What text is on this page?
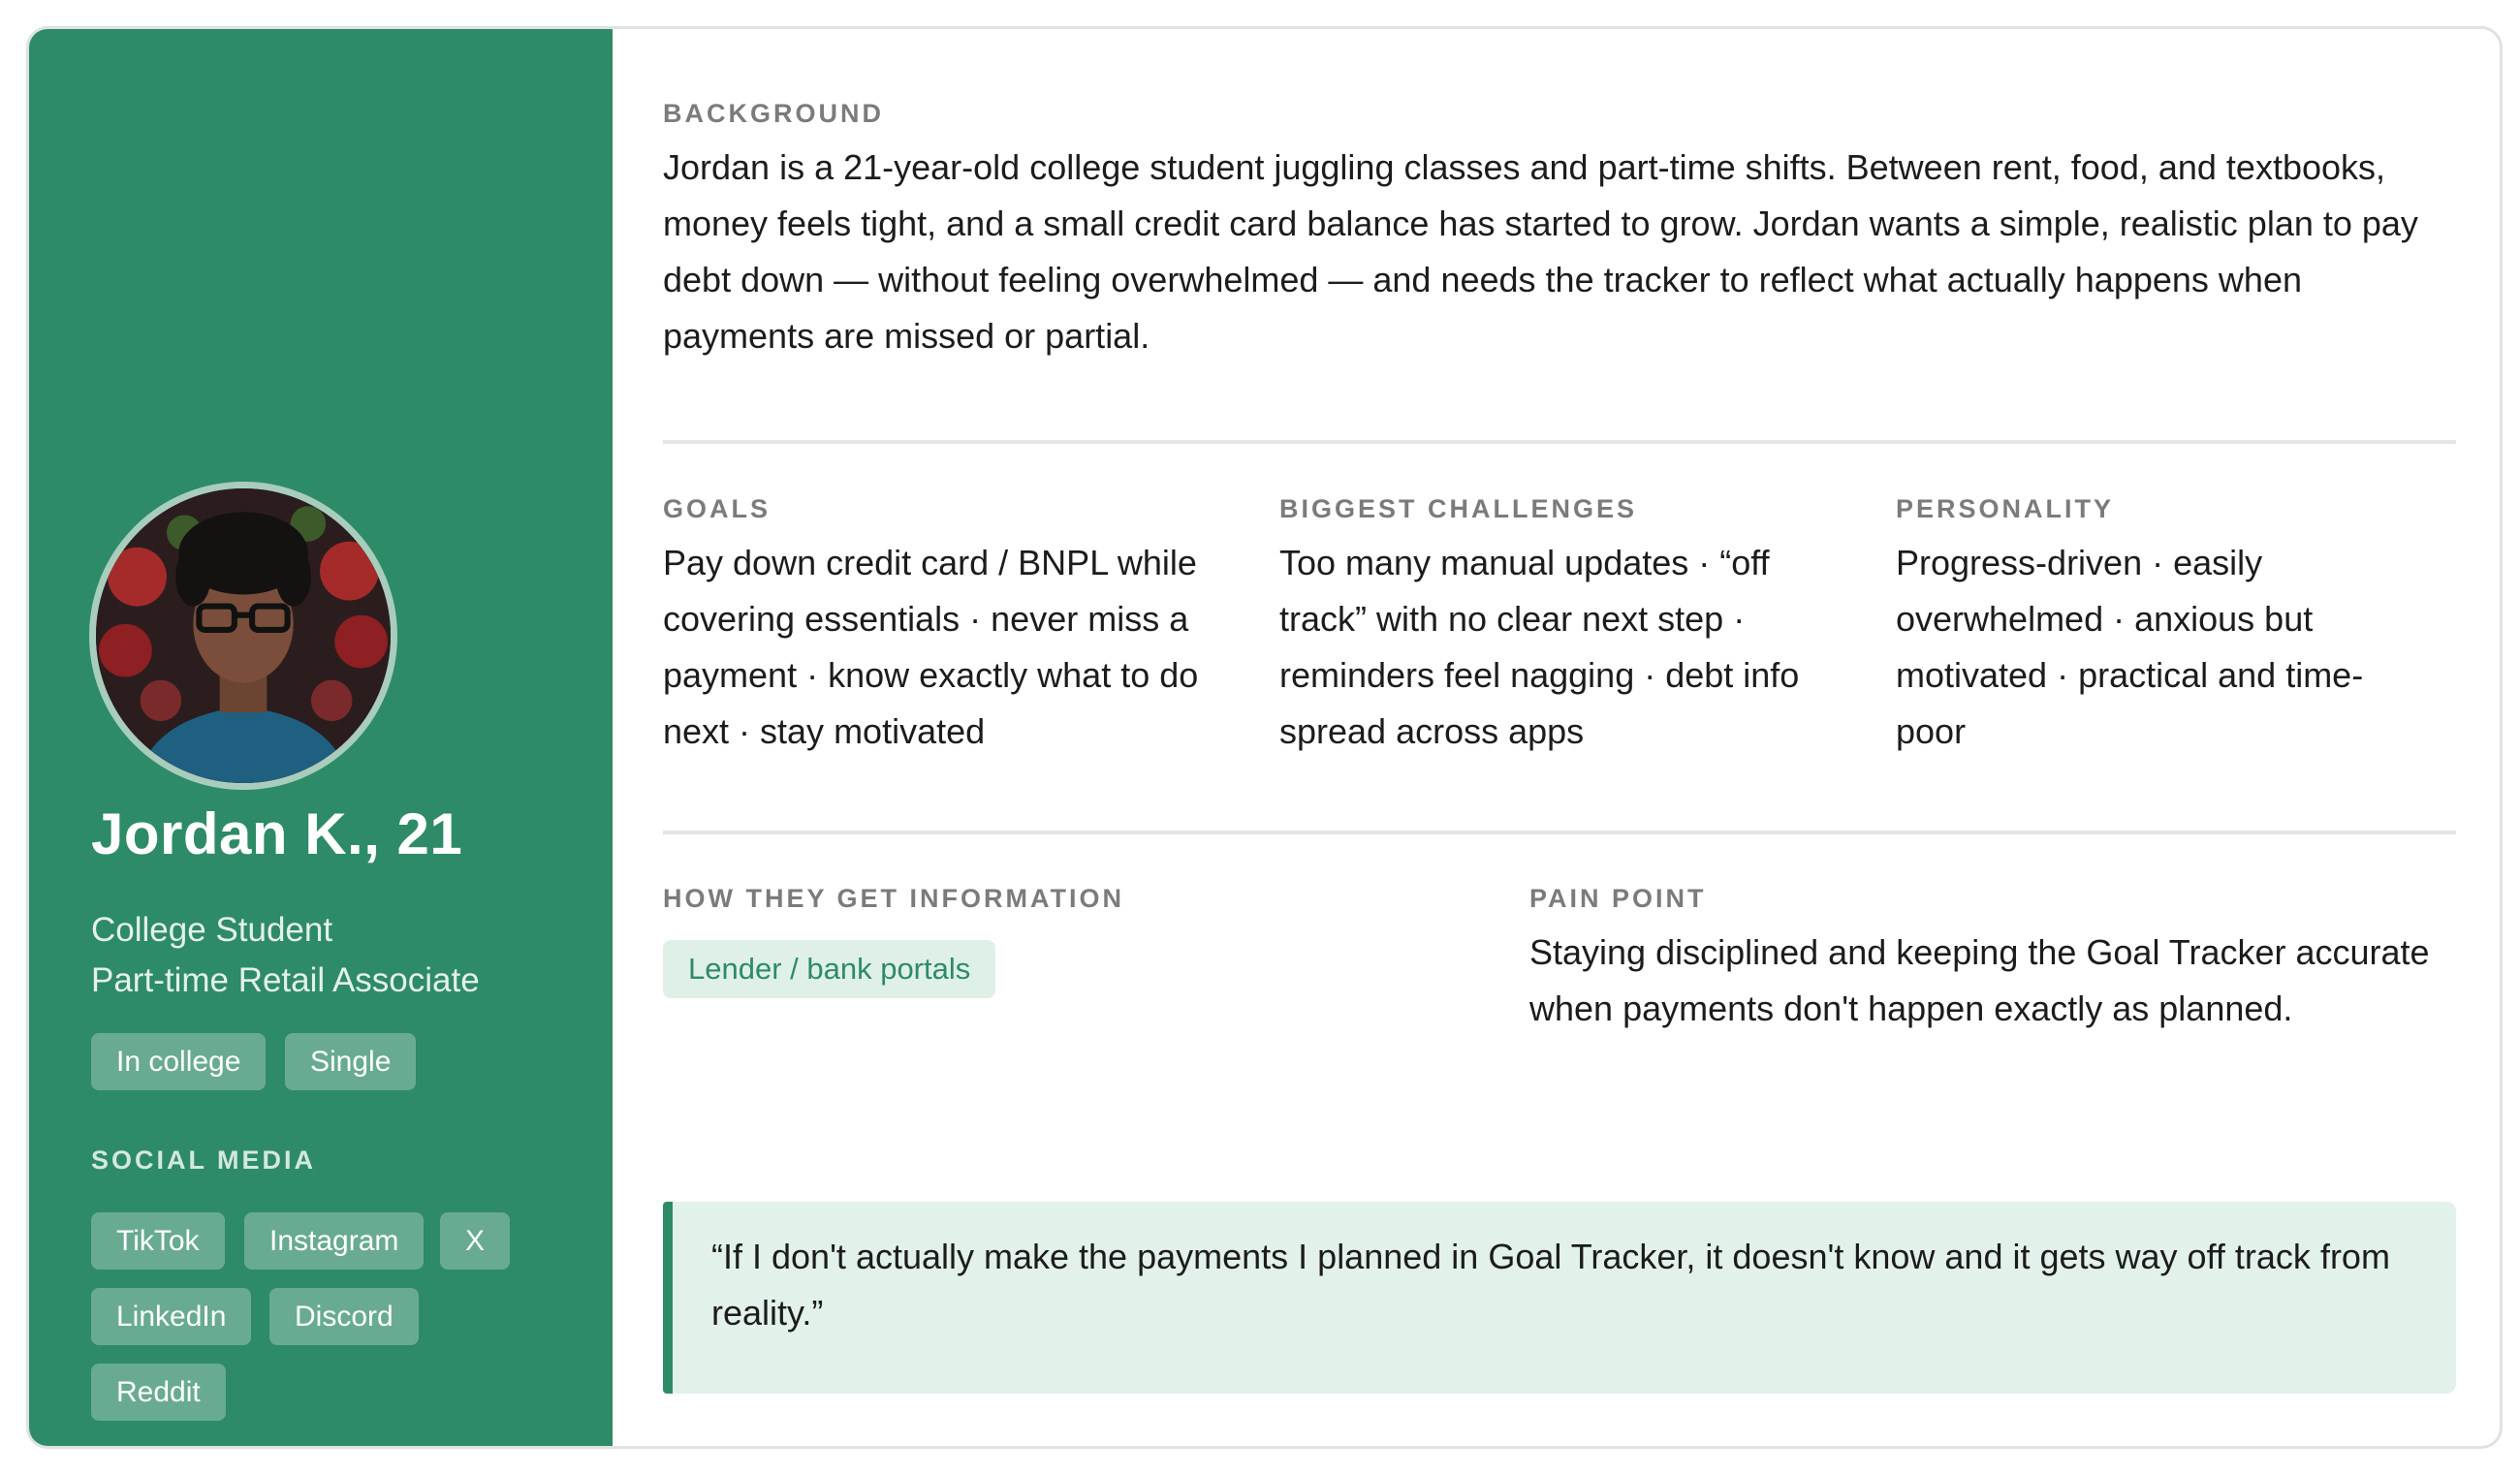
Jordan K., 21
College Student
Part-time Retail Associate
In college	Single
SOCIAL MEDIA
TikTok	Instagram	X
LinkedIn	Discord
Reddit
BACKGROUND
Jordan is a 21-year-old college student juggling classes and part-time shifts. Between rent, food, and textbooks, money feels tight, and a small credit card balance has started to grow. Jordan wants a simple, realistic plan to pay debt down — without feeling overwhelmed — and needs the tracker to reflect what actually happens when payments are missed or partial.
GOALS
Pay down credit card / BNPL while covering essentials · never miss a payment · know exactly what to do next · stay motivated
BIGGEST CHALLENGES
Too many manual updates · “off track” with no clear next step · reminders feel nagging · debt info spread across apps
PERSONALITY
Progress-driven · easily overwhelmed · anxious but motivated · practical and time-poor
HOW THEY GET INFORMATION
Lender / bank portals
PAIN POINT
Staying disciplined and keeping the Goal Tracker accurate when payments don't happen exactly as planned.
“If I don't actually make the payments I planned in Goal Tracker, it doesn't know and it gets way off track from reality.”
